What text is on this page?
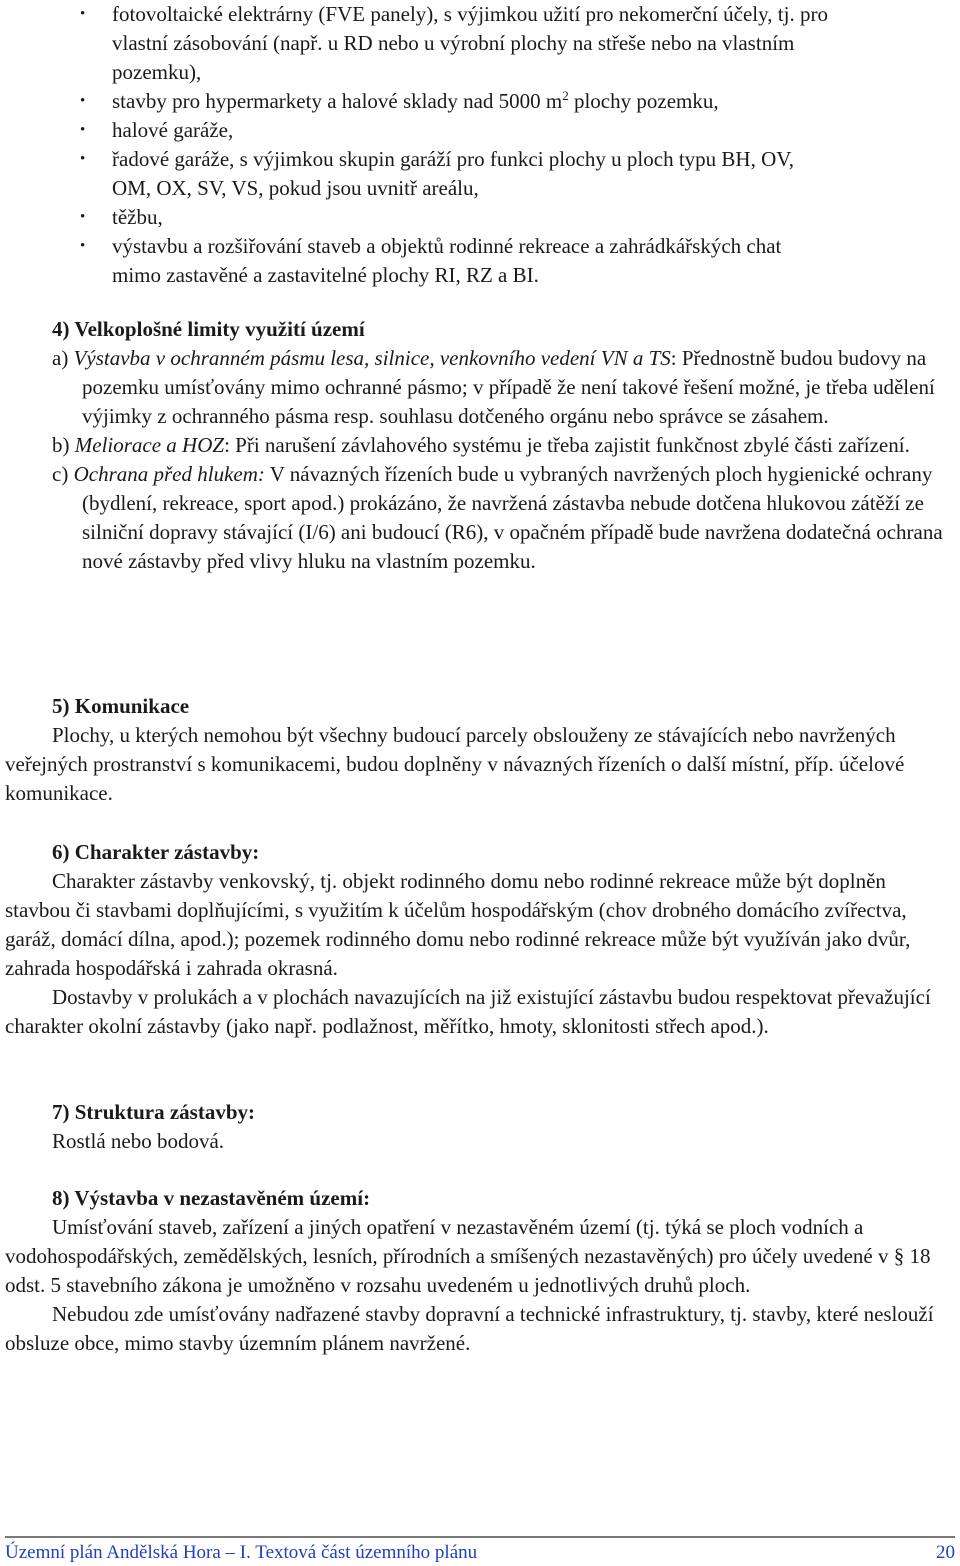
• fotovoltaické elektrárny (FVE panely), s výjimkou užití pro nekomerční účely, tj. pro
vlastní zásobování (např. u RD nebo u výrobní plochy na střeše nebo na vlastním
pozemku),

• stavby pro hypermarkety a halové sklady nad 5000 $m^2$ plochy pozemku,

• halové garáže,

• řadové garáže, s výjimkou skupin garáží pro funkci plochy u ploch typu BH, OV,
OM, OX, SV, VS, pokud jsou uvnitř areálu,

• těžbu,

• výstavbu a rozšiřování staveb a objektů rodinné rekreace a zahrádkářských chat
mimo zastavěné a zastavitelné plochy RI, RZ a BI.

4) Velkoplošné limity využití území

a) Výstavba v ochranném pásmu lesa, silnice, venkovního vedení VN a TS: Přednostně budou budovy na pozemku umísťovány mimo ochranné pásmo; v případě že není takové řešení možné, je třeba udělení výjimky z ochranného pásma resp. souhlasu dotčeného orgánu nebo správce se zásahem.

b) Meliorace a HOZ: Při narušení závlahového systému je třeba zajistit funkčnost zbylé části zařízení.

c) Ochrana před hlukem: V návazných řízeních bude u vybraných navržených ploch hygienické ochrany (bydlení, rekreace, sport apod.) prokázáno, že navržená zástavba nebude dotčena hlukovou zátěží ze silniční dopravy stávající (I/6) ani budoucí (R6), v opačném případě bude navržena dodatečná ochrana nové zástavby před vlivy hluku na vlastním pozemku.

5) Komunikace

Plochy, u kterých nemohou být všechny budoucí parcely obslouženy ze stávajících nebo navržených veřejných prostranství s komunikacemi, budou doplněny v návazných řízeních o další místní, příp. účelové komunikace.

6) Charakter zástavby:

Charakter zástavby venkovský, tj. objekt rodinného domu nebo rodinné rekreace může být doplněn stavbou či stavbami doplňujícími, s využitím k účelům hospodářským (chov drobného domácího zvířectva, garáž, domácí dílna, apod.); pozemek rodinného domu nebo rodinné rekreace může být využíván jako dvůr, zahrada hospodářská i zahrada okrasná.

Dostavby v prolukách a v plochách navazujících na již existující zástavbu budou respektovat převažující charakter okolní zástavby (jako např. podlažnost, měřítko, hmoty, sklonitosti střech apod.).

7) Struktura zástavby:

Rostlá nebo bodová.

8) Výstavba v nezastavěném území:

Umísťování staveb, zařízení a jiných opatření v nezastavěném území (tj. týká se ploch vodních a vodohospodářských, zemědělských, lesních, přírodních a smíšených nezastavěných) pro účely uvedené v § 18 odst. 5 stavebního zákona je umožněno v rozsahu uvedeném u jednotlivých druhů ploch.

Nebudou zde umísťovány nadřazené stavby dopravní a technické infrastruktury, tj. stavby, které neslouží obsluze obce, mimo stavby územním plánem navržené.

Územní plán Andělská Hora – I. Textová část územního plánu	20
